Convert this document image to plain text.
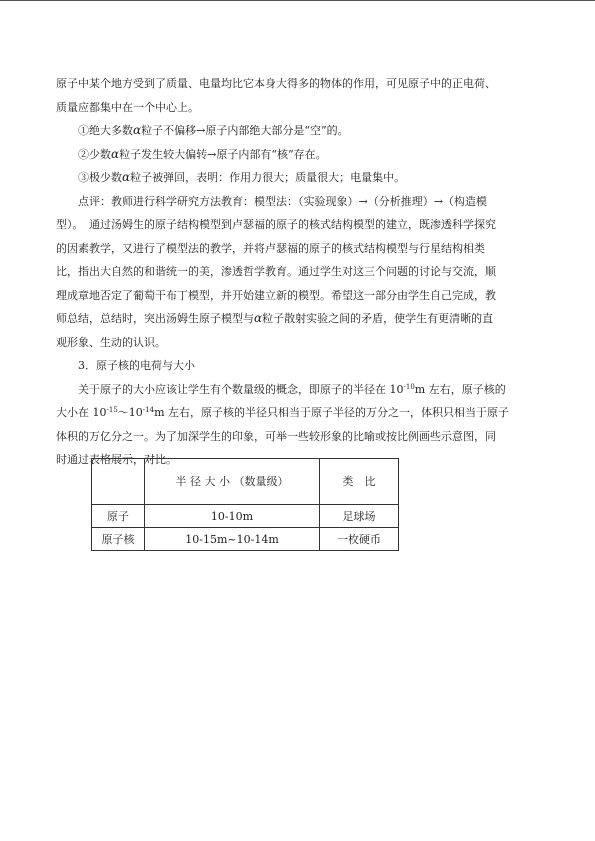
原子中某个地方受到了质量、电量均比它本身大得多的物体的作用，可见原子中的正电荷、
质量应都集中在一个中心上。
①绝大多数α粒子不偏移→原子内部绝大部分是“空”的。
②少数α粒子发生较大偏转→原子内部有“核”存在。
③极少数α粒子被弹回，表明：作用力很大；质量很大；电量集中。
点评：教师进行科学研究方法教育：模型法：（实验现象）→（分析推理）→（构造模
型）。　通过汤姆生的原子结构模型到卢瑟福的原子的核式结构模型的建立，既渗透科学探究
的因素教学，又进行了模型法的教学，并将卢瑟福的原子的核式结构模型与行星结构相类
比，指出大自然的和谐统一的美，渗透哲学教育。通过学生对这三个问题的讨论与交流，顺
理成章地否定了葡萄干布丁模型，并开始建立新的模型。希望这一部分由学生自己完成，教
师总结，总结时，突出汤姆生原子模型与α粒子散射实验之间的矛盾，使学生有更清晰的直
观形象、生动的认识。
3．原子核的电荷与大小
关于原子的大小应该让学生有个数量级的概念，即原子的半径在 $10^{-10}m$ 左右，原子核的
大小在 $10^{-15}\sim 10^{-14}m$ 左右，原子核的半径只相当于原子半径的万分之一，体积只相当于原子
体积的万亿分之一。为了加深学生的印象，可举一些较形象的比喻或按比例画些示意图，同
时通过表格展示，对比。
	半 径 大 小 （数量级）	类　比
原子	10-10m	足球场
原子核	10-15m~10-14m	一枚硬币
